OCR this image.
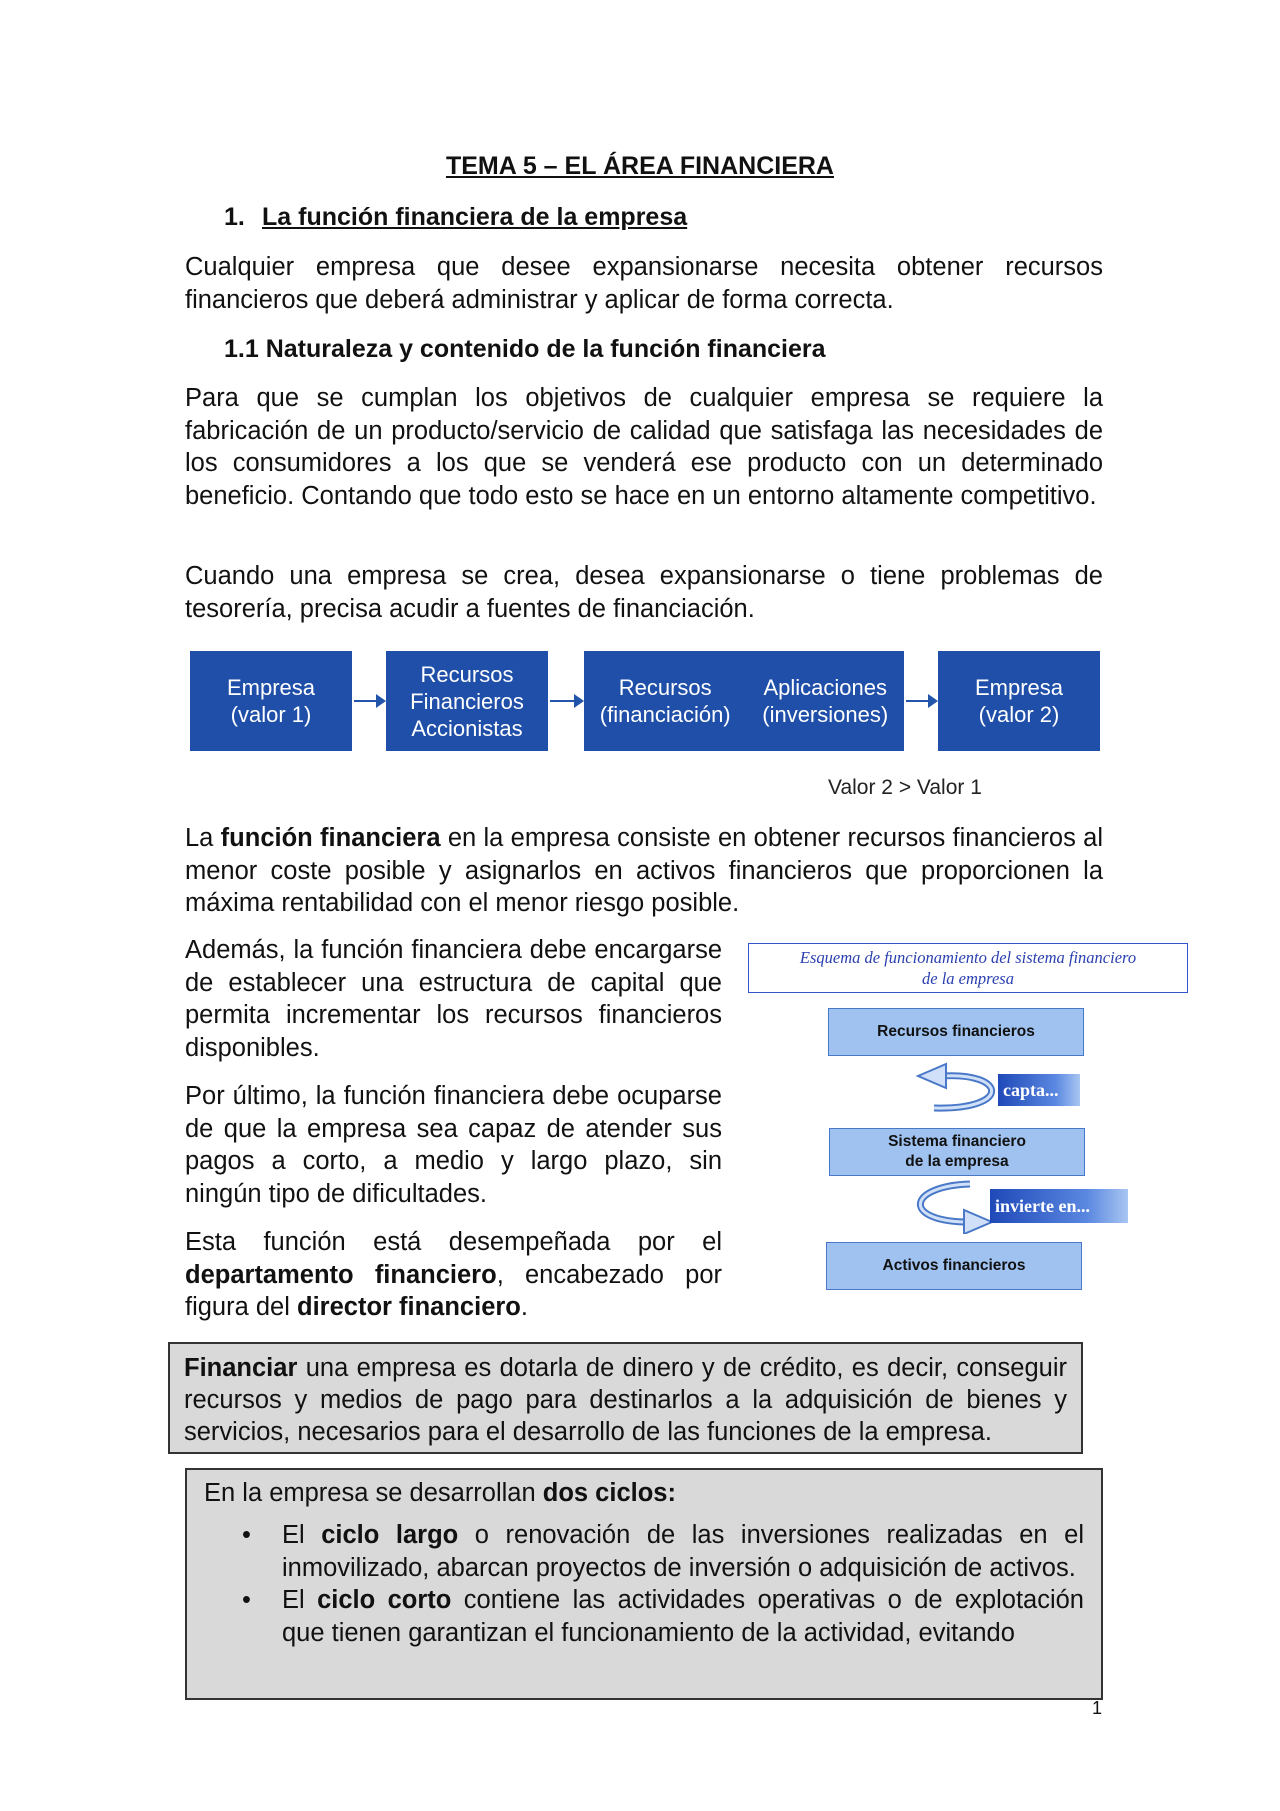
TEMA 5 – EL ÁREA FINANCIERA
1. La función financiera de la empresa

Cualquier empresa que desee expansionarse necesita obtener recursos financieros que deberá administrar y aplicar de forma correcta.

1.1 Naturaleza y contenido de la función financiera

Para que se cumplan los objetivos de cualquier empresa se requiere la fabricación de un producto/servicio de calidad que satisfaga las necesidades de los consumidores a los que se venderá ese producto con un determinado beneficio. Contando que todo esto se hace en un entorno altamente competitivo.

Cuando una empresa se crea, desea expansionarse o tiene problemas de tesorería, precisa acudir a fuentes de financiación.

Empresa
(valor 1)
Recursos
Financieros
Accionistas
Recursos
(financiación)
Aplicaciones
(inversiones)
Empresa
(valor 2)
Valor 2 > Valor 1

La función financiera en la empresa consiste en obtener recursos financieros al menor coste posible y asignarlos en activos financieros que proporcionen la máxima rentabilidad con el menor riesgo posible.

Además, la función financiera debe encargarse de establecer una estructura de capital que permita incrementar los recursos financieros disponibles.

Por último, la función financiera debe ocuparse de que la empresa sea capaz de atender sus pagos a corto, a medio y largo plazo, sin ningún tipo de dificultades.

Esta función está desempeñada por el departamento financiero, encabezado por figura del director financiero.

Esquema de funcionamiento del sistema financiero
de la empresa
Recursos financieros
capta...
Sistema financiero
de la empresa
invierte en...
Activos financieros

Financiar una empresa es dotarla de dinero y de crédito, es decir, conseguir recursos y medios de pago para destinarlos a la adquisición de bienes y servicios, necesarios para el desarrollo de las funciones de la empresa.

En la empresa se desarrollan dos ciclos:

• El ciclo largo o renovación de las inversiones realizadas en el inmovilizado, abarcan proyectos de inversión o adquisición de activos.
• El ciclo corto contiene las actividades operativas o de explotación que tienen garantizan el funcionamiento de la actividad, evitando
1
